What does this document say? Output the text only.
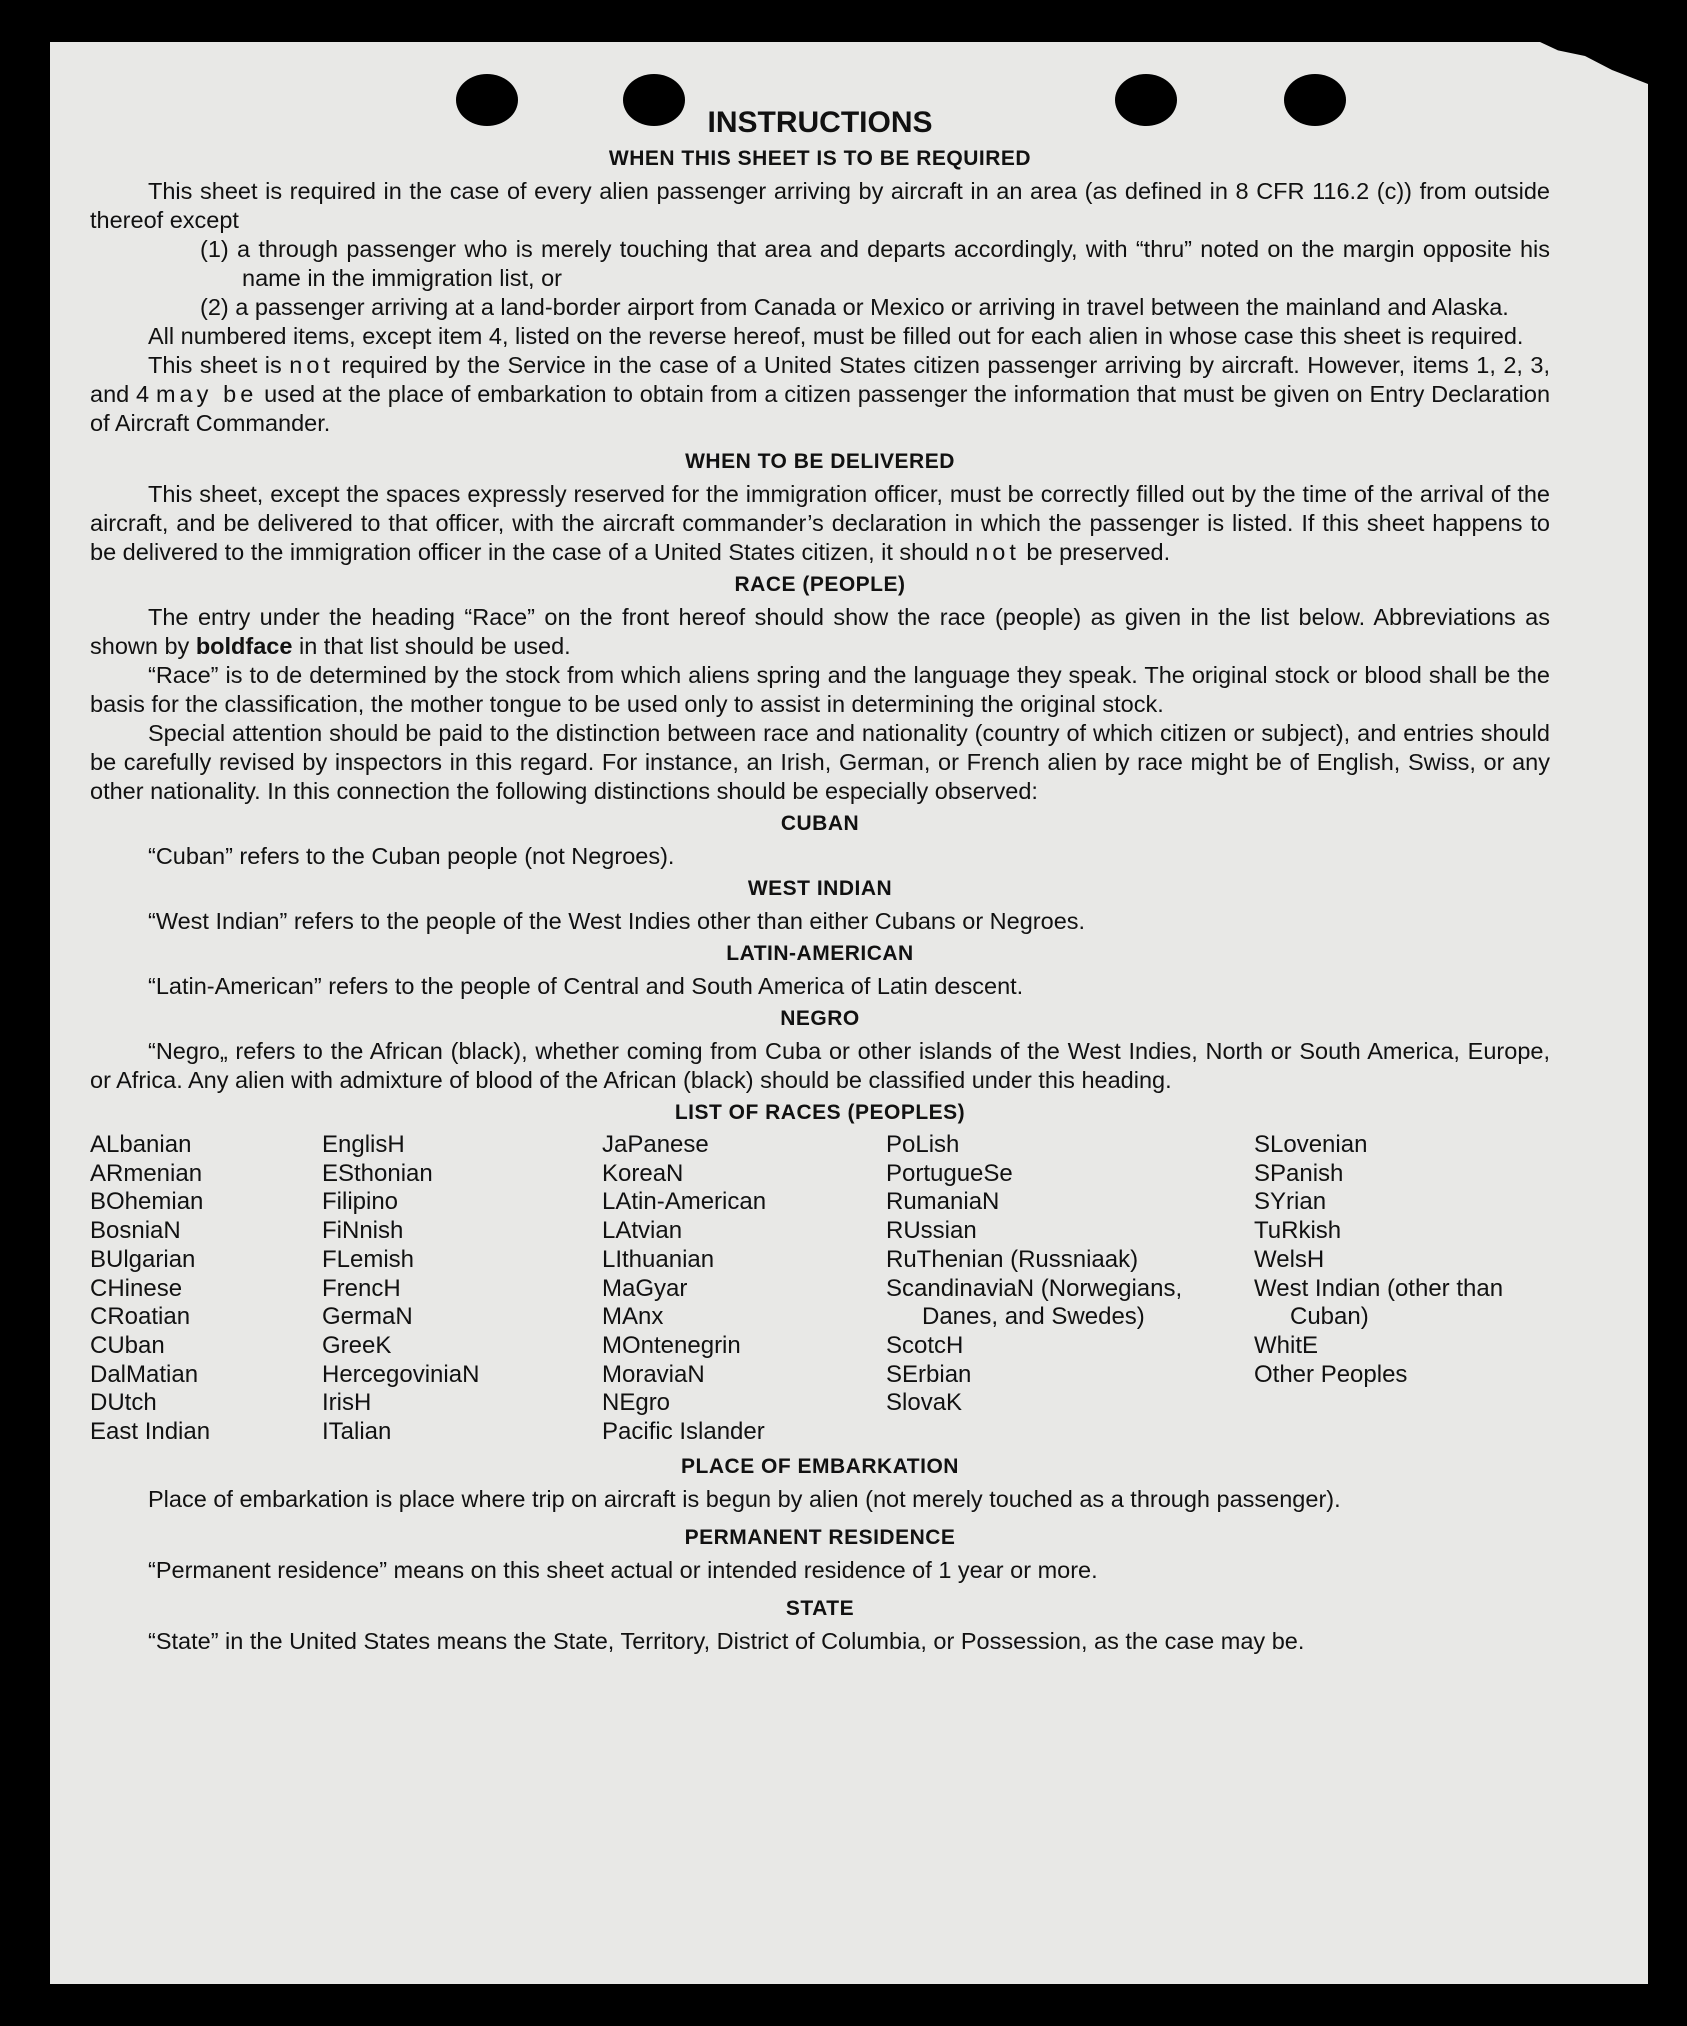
INSTRUCTIONS
WHEN THIS SHEET IS TO BE REQUIRED

This sheet is required in the case of every alien passenger arriving by aircraft in an area (as defined in 8 CFR 116.2 (c)) from outside thereof except

(1) a through passenger who is merely touching that area and departs accordingly, with “thru” noted on the margin opposite his name in the immigration list, or

(2) a passenger arriving at a land-border airport from Canada or Mexico or arriving in travel between the mainland and Alaska.

All numbered items, except item 4, listed on the reverse hereof, must be filled out for each alien in whose case this sheet is required.

This sheet is not required by the Service in the case of a United States citizen passenger arriving by aircraft. However, items 1, 2, 3, and 4 may be used at the place of embarkation to obtain from a citizen passenger the information that must be given on Entry Declaration of Aircraft Commander.

WHEN TO BE DELIVERED

This sheet, except the spaces expressly reserved for the immigration officer, must be correctly filled out by the time of the arrival of the aircraft, and be delivered to that officer, with the aircraft commander’s declaration in which the passenger is listed. If this sheet happens to be delivered to the immigration officer in the case of a United States citizen, it should not be preserved.

RACE (PEOPLE)

The entry under the heading “Race” on the front hereof should show the race (people) as given in the list below. Abbreviations as shown by boldface in that list should be used.

“Race” is to de determined by the stock from which aliens spring and the language they speak. The original stock or blood shall be the basis for the classification, the mother tongue to be used only to assist in determining the original stock.

Special attention should be paid to the distinction between race and nationality (country of which citizen or subject), and entries should be carefully revised by inspectors in this regard. For instance, an Irish, German, or French alien by race might be of English, Swiss, or any other nationality. In this connection the following distinctions should be especially observed:

CUBAN

“Cuban” refers to the Cuban people (not Negroes).

WEST INDIAN

“West Indian” refers to the people of the West Indies other than either Cubans or Negroes.

LATIN-AMERICAN

“Latin-American” refers to the people of Central and South America of Latin descent.

NEGRO

“Negro„ refers to the African (black), whether coming from Cuba or other islands of the West Indies, North or South America, Europe, or Africa. Any alien with admixture of blood of the African (black) should be classified under this heading.

LIST OF RACES (PEOPLES)
ALbanian
ARmenian
BOhemian
BosniaN
BUlgarian
CHinese
CRoatian
CUban
DalMatian
DUtch
East Indian
EnglisH
ESthonian
Filipino
FiNnish
FLemish
FrencH
GermaN
GreeK
HercegoviniaN
IrisH
ITalian
JaPanese
KoreaN
LAtin-American
LAtvian
LIthuanian
MaGyar
MAnx
MOntenegrin
MoraviaN
NEgro
Pacific Islander
PoLish
PortugueSe
RumaniaN
RUssian
RuThenian (Russniaak)
ScandinaviaN (Norwegians, Danes, and Swedes)
ScotcH
SErbian
SlovaK
SLovenian
SPanish
SYrian
TuRkish
WelsH
West Indian (other than Cuban)
WhitE
Other Peoples
PLACE OF EMBARKATION

Place of embarkation is place where trip on aircraft is begun by alien (not merely touched as a through passenger).

PERMANENT RESIDENCE

“Permanent residence” means on this sheet actual or intended residence of 1 year or more.

STATE

“State” in the United States means the State, Territory, District of Columbia, or Possession, as the case may be.
